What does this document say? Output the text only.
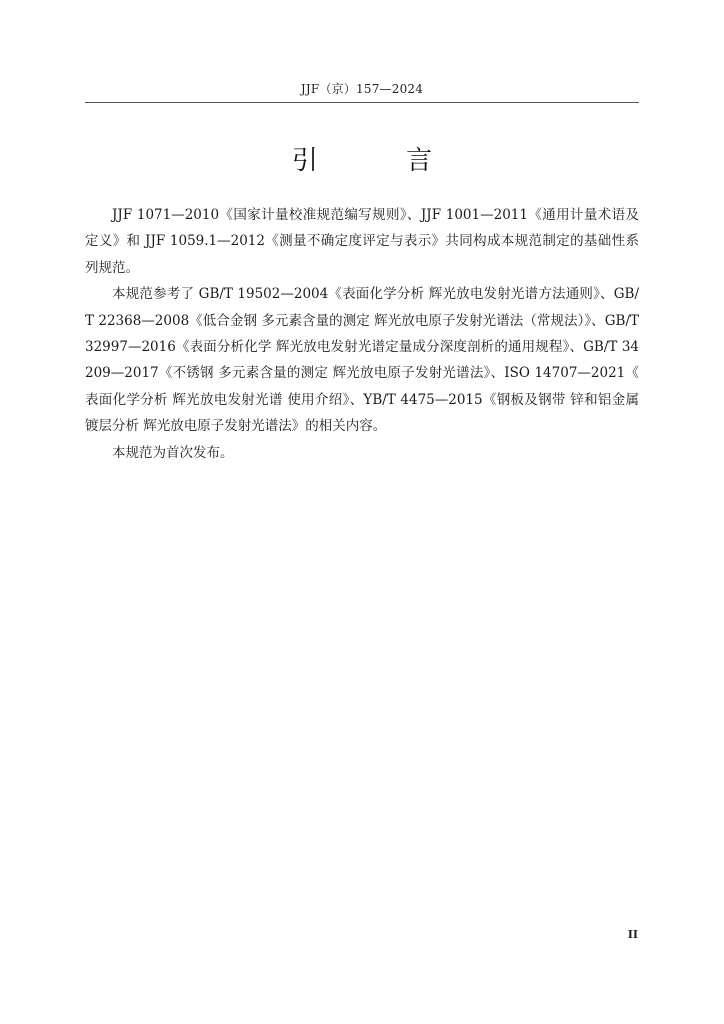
JJF（京）157—2024
引 言

JJF 1071—2010《国家计量校准规范编写规则》、JJF 1001—2011《通用计量术语及定义》和 JJF 1059.1—2012《测量不确定度评定与表示》共同构成本规范制定的基础性系列规范。

本规范参考了 GB/T 19502—2004《表面化学分析 辉光放电发射光谱方法通则》、GB/T 22368—2008《低合金钢 多元素含量的测定 辉光放电原子发射光谱法（常规法）》、GB/T 32997—2016《表面分析化学 辉光放电发射光谱定量成分深度剖析的通用规程》、GB/T 34209—2017《不锈钢 多元素含量的测定 辉光放电原子发射光谱法》、ISO 14707—2021《表面化学分析 辉光放电发射光谱 使用介绍》、YB/T 4475—2015《钢板及钢带 锌和铝金属镀层分析 辉光放电原子发射光谱法》的相关内容。

本规范为首次发布。

II
